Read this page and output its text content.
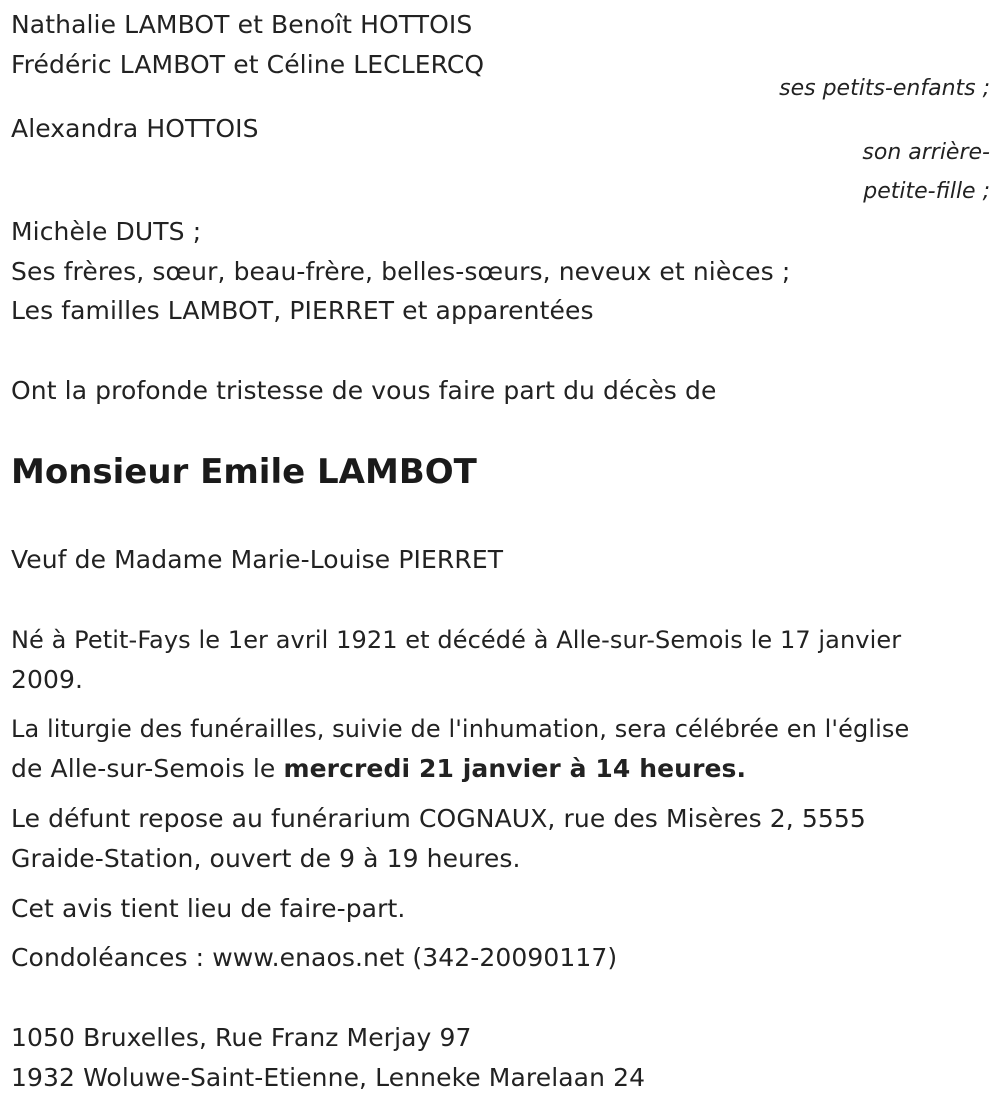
Nathalie LAMBOT et Benoît HOTTOIS
Frédéric LAMBOT et Céline LECLERCQ
ses petits-enfants ;
Alexandra HOTTOIS
son arrière-
petite-fille ;
Michèle DUTS ;
Ses frères, sœur, beau-frère, belles-sœurs, neveux et nièces ;
Les familles LAMBOT, PIERRET et apparentées
Ont la profonde tristesse de vous faire part du décès de
Monsieur Emile LAMBOT
Veuf de Madame Marie-Louise PIERRET
Né à Petit-Fays le 1er avril 1921 et décédé à Alle-sur-Semois le 17 janvier
2009.
La liturgie des funérailles, suivie de l'inhumation, sera célébrée en l'église
de Alle-sur-Semois le mercredi 21 janvier à 14 heures.
Le défunt repose au funérarium COGNAUX, rue des Misères 2, 5555
Graide-Station, ouvert de 9 à 19 heures.
Cet avis tient lieu de faire-part.
Condoléances : www.enaos.net (342-20090117)
1050 Bruxelles, Rue Franz Merjay 97
1932 Woluwe-Saint-Etienne, Lenneke Marelaan 24
